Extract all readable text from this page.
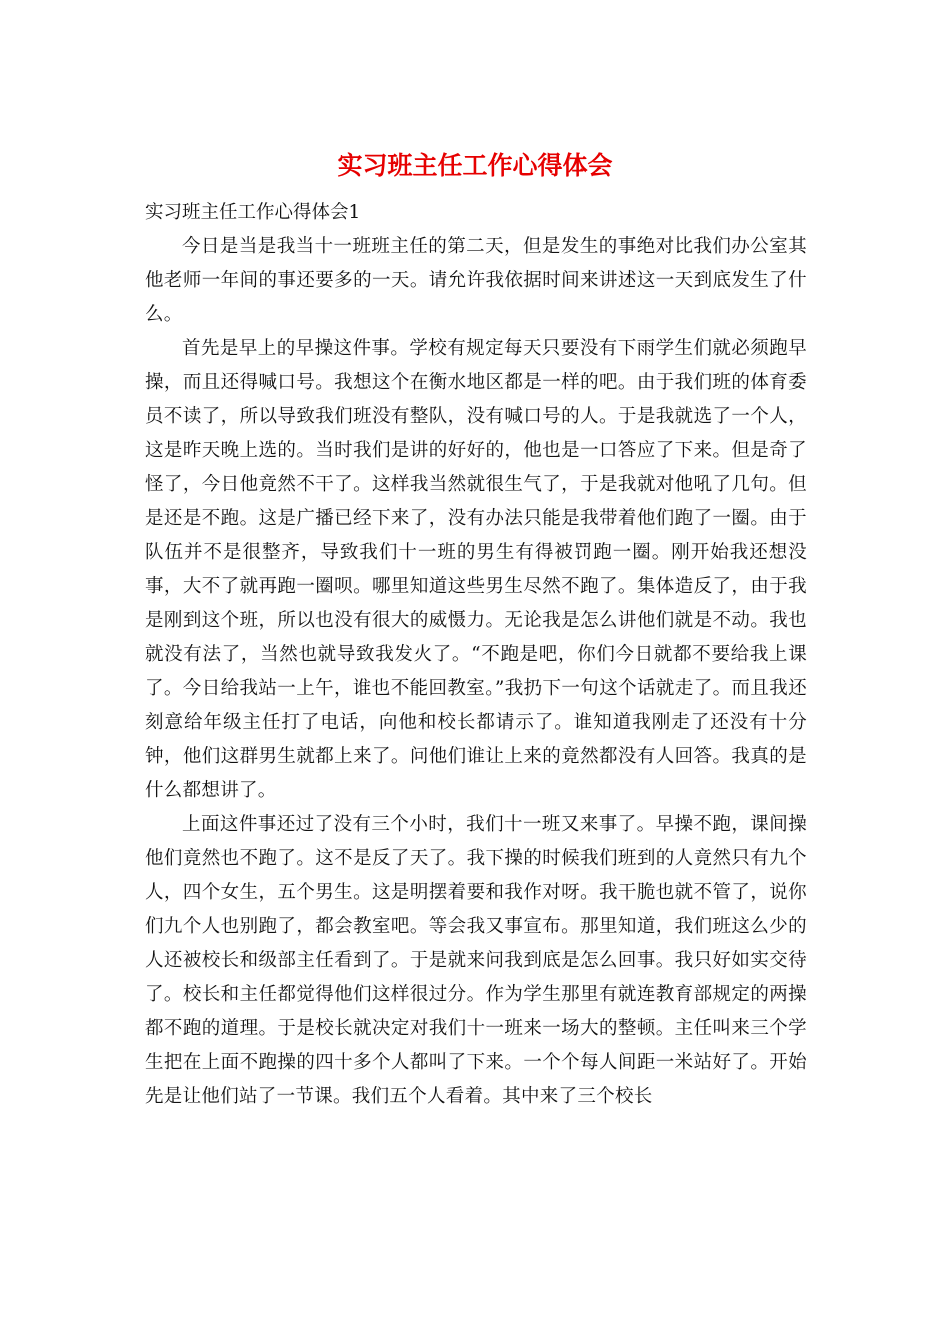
实习班主任工作心得体会

实习班主任工作心得体会1

今日是当是我当十一班班主任的第二天，但是发生的事绝对比我们办公室其他老师一年间的事还要多的一天。请允许我依据时间来讲述这一天到底发生了什么。

首先是早上的早操这件事。学校有规定每天只要没有下雨学生们就必须跑早操，而且还得喊口号。我想这个在衡水地区都是一样的吧。由于我们班的体育委员不读了，所以导致我们班没有整队，没有喊口号的人。于是我就选了一个人，这是昨天晚上选的。当时我们是讲的好好的，他也是一口答应了下来。但是奇了怪了，今日他竟然不干了。这样我当然就很生气了，于是我就对他吼了几句。但是还是不跑。这是广播已经下来了，没有办法只能是我带着他们跑了一圈。由于队伍并不是很整齐，导致我们十一班的男生有得被罚跑一圈。刚开始我还想没事，大不了就再跑一圈呗。哪里知道这些男生尽然不跑了。集体造反了，由于我是刚到这个班，所以也没有很大的威慑力。无论我是怎么讲他们就是不动。我也就没有法了，当然也就导致我发火了。“不跑是吧，你们今日就都不要给我上课了。今日给我站一上午，谁也不能回教室。”我扔下一句这个话就走了。而且我还刻意给年级主任打了电话，向他和校长都请示了。谁知道我刚走了还没有十分钟，他们这群男生就都上来了。问他们谁让上来的竟然都没有人回答。我真的是什么都想讲了。

上面这件事还过了没有三个小时，我们十一班又来事了。早操不跑，课间操他们竟然也不跑了。这不是反了天了。我下操的时候我们班到的人竟然只有九个人，四个女生，五个男生。这是明摆着要和我作对呀。我干脆也就不管了，说你们九个人也别跑了，都会教室吧。等会我又事宣布。那里知道，我们班这么少的人还被校长和级部主任看到了。于是就来问我到底是怎么回事。我只好如实交待了。校长和主任都觉得他们这样很过分。作为学生那里有就连教育部规定的两操都不跑的道理。于是校长就决定对我们十一班来一场大的整顿。主任叫来三个学生把在上面不跑操的四十多个人都叫了下来。一个个每人间距一米站好了。开始先是让他们站了一节课。我们五个人看着。其中来了三个校长
